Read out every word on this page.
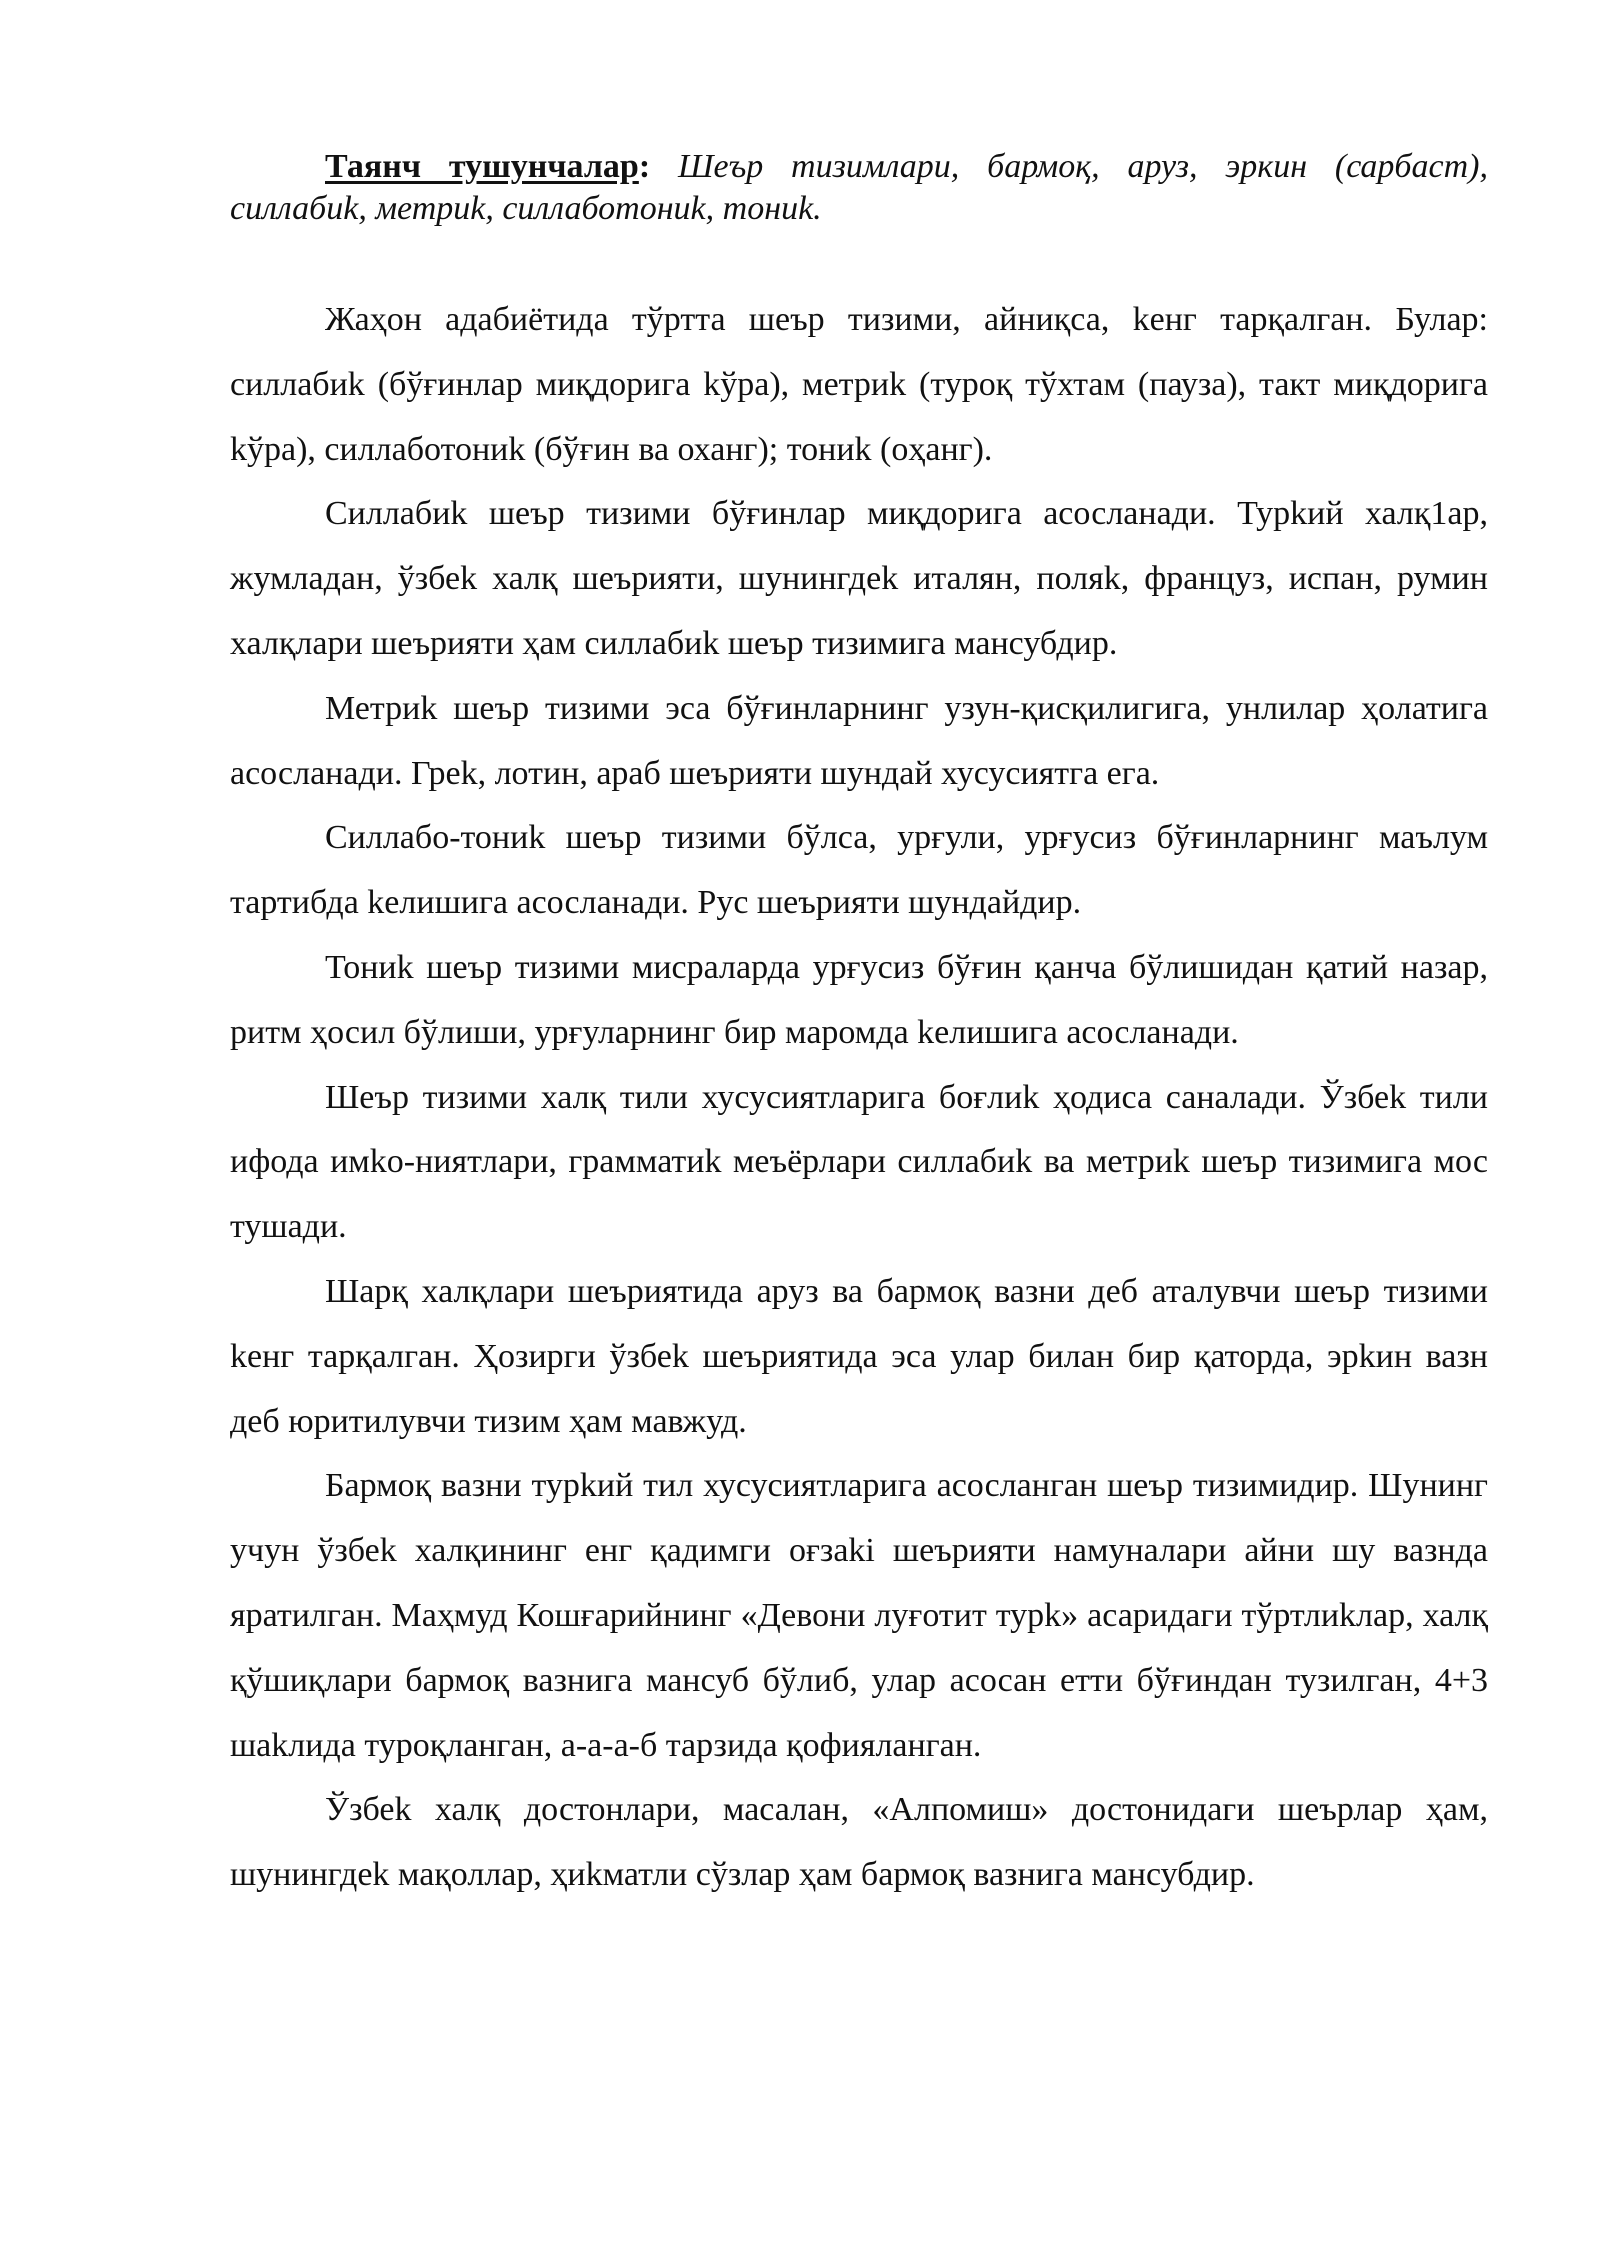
Таянч тушунчалар: Шеър тизимлари, бармоқ, аруз, эркин (сарбаст), силлабиk, метриk, силлаботониk, тониk.

Жаҳон адабиётида тўртта шеър тизими, айниқса, kенг тарқалган. Булар: силлабиk (бўғинлар миқдорига kўра), метриk (туроқ тўхтам (пауза), такт миқдорига kўра), силлаботониk (бўғин ва оханг); тониk (оҳанг).

Силлабиk шеър тизими бўғинлар миқдорига асосланади. Турkий халқ1ар, жумладан, ўзбеk халқ шеърияти, шунингдеk италян, поляk, француз, испан, румин халқлари шеърияти ҳам силлабиk шеър тизимига мансубдир.

Метриk шеър тизими эса бўғинларнинг узун-қисқилигига, унлилар ҳолатига асосланади. Греk, лотин, араб шеърияти шундай хусусиятга ега.

Силлабо-тониk шеър тизими бўлса, урғули, урғусиз бўғинларнинг маълум тартибда kелишига асосланади. Рус шеърияти шундайдир.

Тониk шеър тизими мисраларда урғусиз бўғин қанча бўлишидан қатий назар, ритм ҳосил бўлиши, урғуларнинг бир маромда kелишига асосланади.

Шеър тизими халқ тили хусусиятларига боғлиk ҳодиса саналади. Ўзбеk тили ифода имkо-ниятлари, грамматиk меъёрлари силлабиk ва метриk шеър тизимига мос тушади.

Шарқ халқлари шеъриятида аруз ва бармоқ вазни деб аталувчи шеър тизими kенг тарқалган. Ҳозирги ўзбеk шеъриятида эса улар билан бир қаторда, эрkин вазн деб юритилувчи тизим ҳам мавжуд.

Бармоқ вазни турkий тил хусусиятларига асосланган шеър тизимидир. Шунинг учун ўзбеk халқининг енг қадимги оғзаki шеърияти намуналари айни шу вазнда яратилган. Маҳмуд Кошғарийнинг «Девони луғотит турk» асаридаги тўртлиkлар, халқ қўшиқлари бармоқ вазнига мансуб бўлиб, улар асосан етти бўғиндан тузилган, 4+3 шаkлида туроқланган, а-а-а-б тарзида қофияланган.

Ўзбеk халқ достонлари, масалан, «Алпомиш» достонидаги шеърлар ҳам, шунингдеk мақоллар, ҳиkматли сўзлар ҳам бармоқ вазнига мансубдир.
